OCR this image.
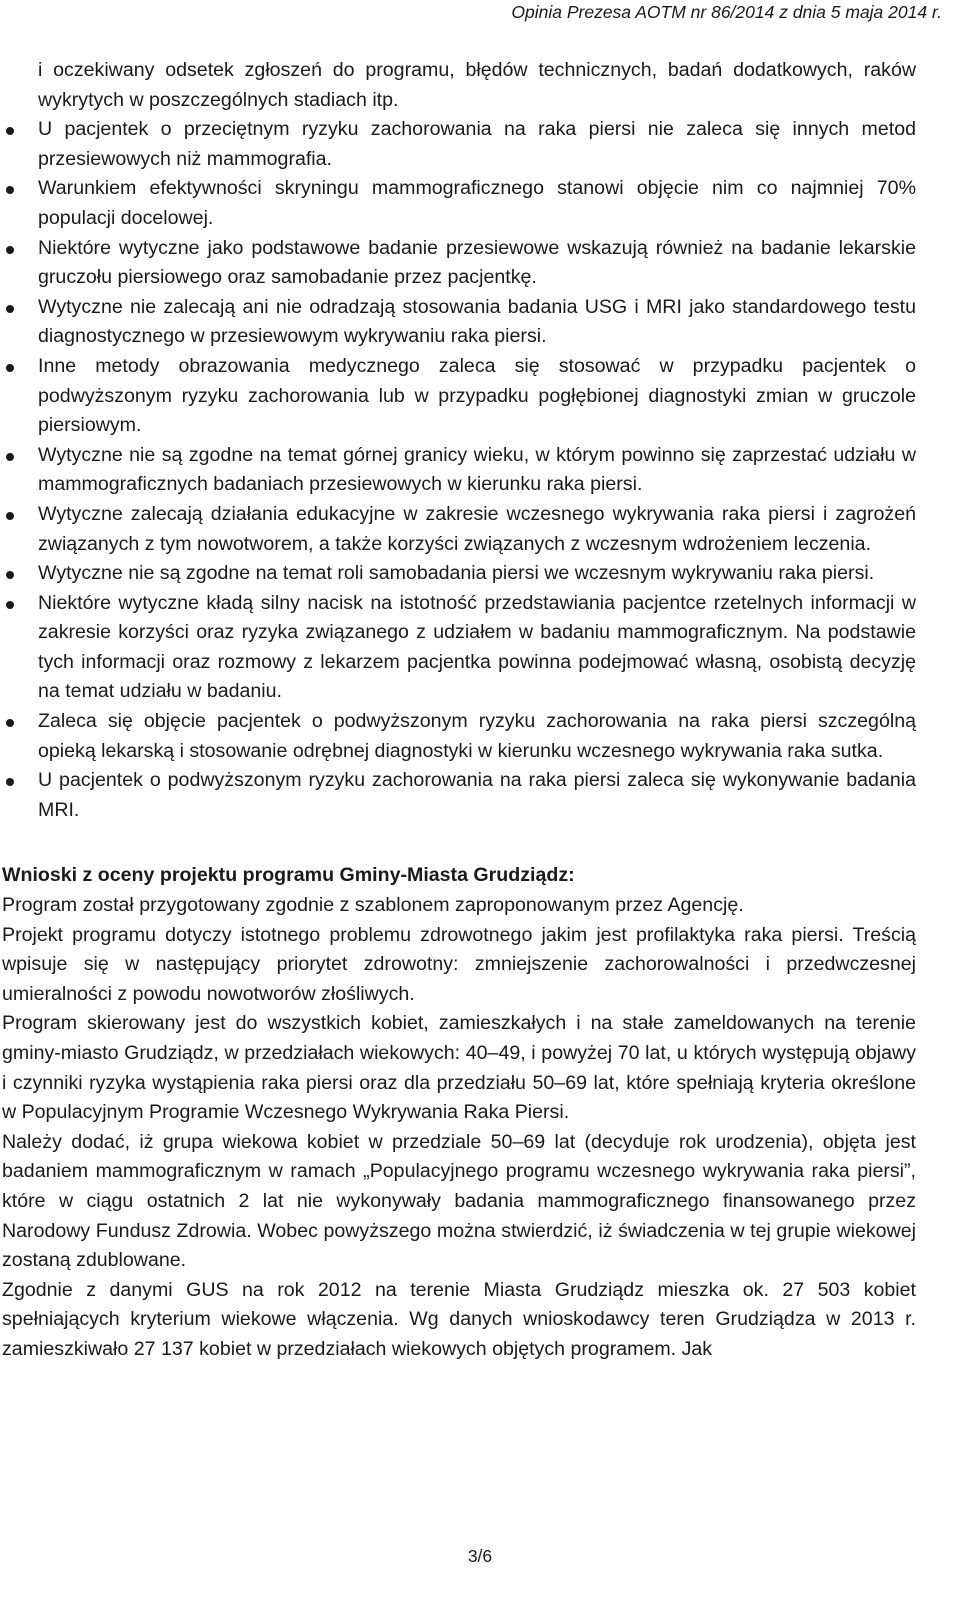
Opinia Prezesa AOTM nr 86/2014 z dnia 5 maja 2014 r.
i oczekiwany odsetek zgłoszeń do programu, błędów technicznych, badań dodatkowych, raków wykrytych w poszczególnych stadiach itp.
U pacjentek o przeciętnym ryzyku zachorowania na raka piersi nie zaleca się innych metod przesiewowych niż mammografia.
Warunkiem efektywności skryningu mammograficznego stanowi objęcie nim co najmniej 70% populacji docelowej.
Niektóre wytyczne jako podstawowe badanie przesiewowe wskazują również na badanie lekarskie gruczołu piersiowego oraz samobadanie przez pacjentkę.
Wytyczne nie zalecają ani nie odradzają stosowania badania USG i MRI jako standardowego testu diagnostycznego w przesiewowym wykrywaniu raka piersi.
Inne metody obrazowania medycznego zaleca się stosować w przypadku pacjentek o podwyższonym ryzyku zachorowania lub w przypadku pogłębionej diagnostyki zmian w gruczole piersiowym.
Wytyczne nie są zgodne na temat górnej granicy wieku, w którym powinno się zaprzestać udziału w mammograficznych badaniach przesiewowych w kierunku raka piersi.
Wytyczne zalecają działania edukacyjne w zakresie wczesnego wykrywania raka piersi i zagrożeń związanych z tym nowotworem, a także korzyści związanych z wczesnym wdrożeniem leczenia.
Wytyczne nie są zgodne na temat roli samobadania piersi we wczesnym wykrywaniu raka piersi.
Niektóre wytyczne kładą silny nacisk na istotność przedstawiania pacjentce rzetelnych informacji w zakresie korzyści oraz ryzyka związanego z udziałem w badaniu mammograficznym. Na podstawie tych informacji oraz rozmowy z lekarzem pacjentka powinna podejmować własną, osobistą decyzję na temat udziału w badaniu.
Zaleca się objęcie pacjentek o podwyższonym ryzyku zachorowania na raka piersi szczególną opieką lekarską i stosowanie odrębnej diagnostyki w kierunku wczesnego wykrywania raka sutka.
U pacjentek o podwyższonym ryzyku zachorowania na raka piersi zaleca się wykonywanie badania MRI.

Wnioski z oceny projektu programu Gminy-Miasta Grudziądz:

Program został przygotowany zgodnie z szablonem zaproponowanym przez Agencję.

Projekt programu dotyczy istotnego problemu zdrowotnego jakim jest profilaktyka raka piersi. Treścią wpisuje się w następujący priorytet zdrowotny: zmniejszenie zachorowalności i przedwczesnej umieralności z powodu nowotworów złośliwych.

Program skierowany jest do wszystkich kobiet, zamieszkałych i na stałe zameldowanych na terenie gminy-miasto Grudziądz, w przedziałach wiekowych: 40–49, i powyżej 70 lat, u których występują objawy i czynniki ryzyka wystąpienia raka piersi oraz dla przedziału 50–69 lat, które spełniają kryteria określone w Populacyjnym Programie Wczesnego Wykrywania Raka Piersi.

Należy dodać, iż grupa wiekowa kobiet w przedziale 50–69 lat (decyduje rok urodzenia), objęta jest badaniem mammograficznym w ramach „Populacyjnego programu wczesnego wykrywania raka piersi”, które w ciągu ostatnich 2 lat nie wykonywały badania mammograficznego finansowanego przez Narodowy Fundusz Zdrowia. Wobec powyższego można stwierdzić, iż świadczenia w tej grupie wiekowej zostaną zdublowane.

Zgodnie z danymi GUS na rok 2012 na terenie Miasta Grudziądz mieszka ok. 27 503 kobiet spełniających kryterium wiekowe włączenia. Wg danych wnioskodawcy teren Grudziądza w 2013 r. zamieszkiwało 27 137 kobiet w przedziałach wiekowych objętych programem. Jak

3/6
